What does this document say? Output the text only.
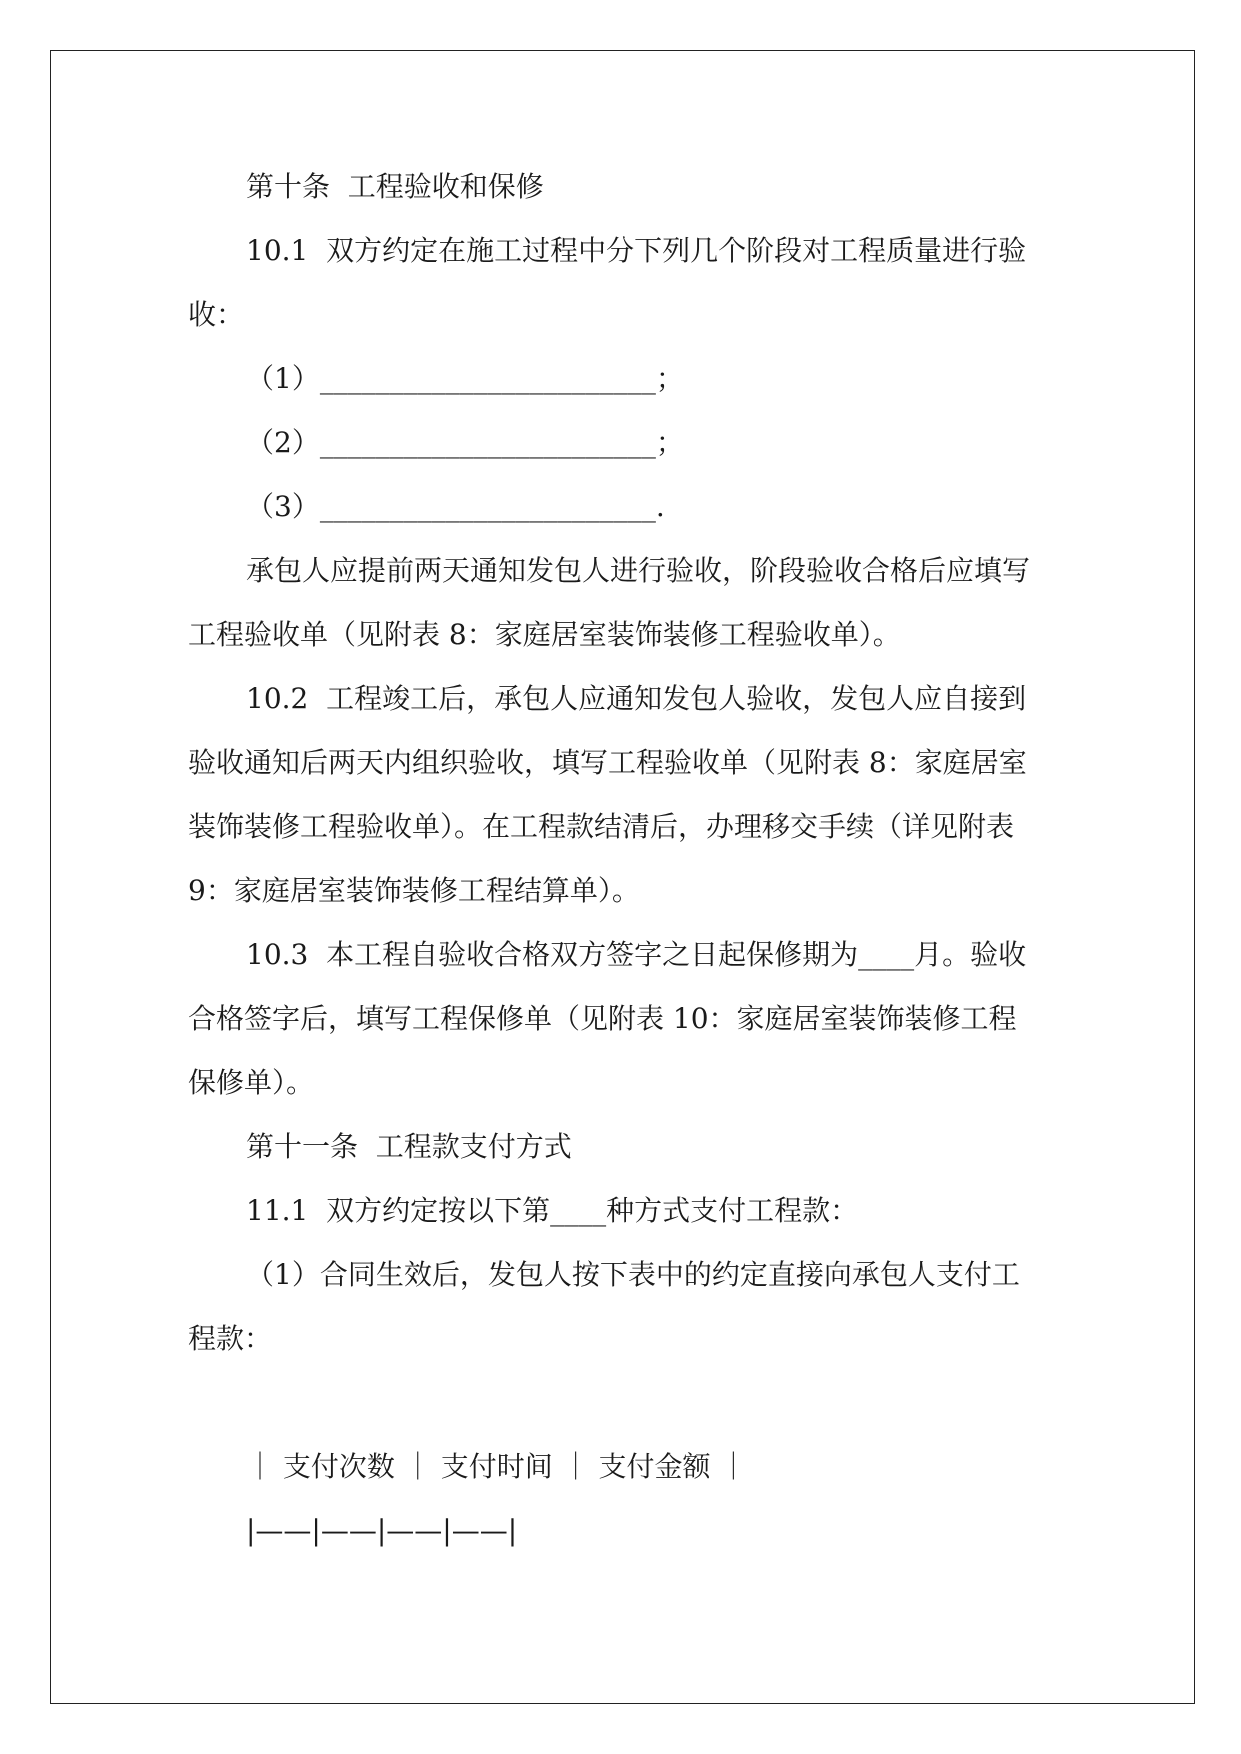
第十条  工程验收和保修

10.1  双方约定在施工过程中分下列几个阶段对工程质量进行验

收：

（1）________________________；

（2）________________________；

（3）________________________.

承包人应提前两天通知发包人进行验收，阶段验收合格后应填写

工程验收单（见附表 8：家庭居室装饰装修工程验收单）。

10.2  工程竣工后，承包人应通知发包人验收，发包人应自接到

验收通知后两天内组织验收，填写工程验收单（见附表 8：家庭居室

装饰装修工程验收单）。在工程款结清后，办理移交手续（详见附表

9：家庭居室装饰装修工程结算单）。

10.3  本工程自验收合格双方签字之日起保修期为____月。验收

合格签字后，填写工程保修单（见附表 10：家庭居室装饰装修工程

保修单）。

第十一条  工程款支付方式

11.1  双方约定按以下第____种方式支付工程款：

（1）合同生效后，发包人按下表中的约定直接向承包人支付工

程款：

｜ 支付次数 ｜ 支付时间 ｜ 支付金额 ｜

|——|——|——|——|
